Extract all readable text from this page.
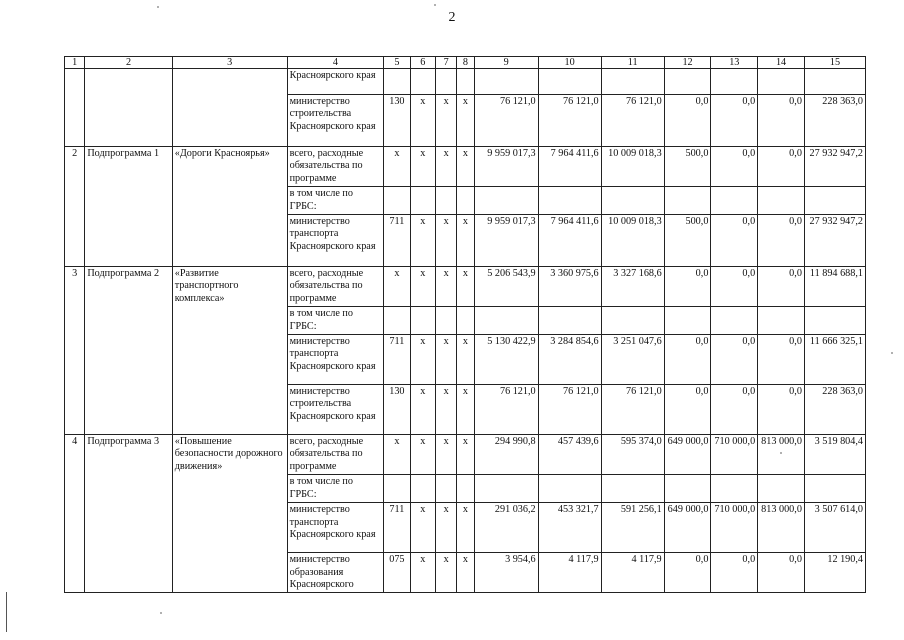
2
1	2	3	4	5	6	7	8	9	10	11	12	13	14	15
			Красноярского края											
			министерство строительства Красноярского края	130	x	x	x	76 121,0	76 121,0	76 121,0	0,0	0,0	0,0	228 363,0
2	Подпрограмма 1	«Дороги Красноярья»	всего, расходные обязательства по программе	x	x	x	x	9 959 017,3	7 964 411,6	10 009 018,3	500,0	0,0	0,0	27 932 947,2
			в том числе по ГРБС:											
			министерство транспорта Красноярского края	711	x	x	x	9 959 017,3	7 964 411,6	10 009 018,3	500,0	0,0	0,0	27 932 947,2
3	Подпрограмма 2	«Развитие транспортного комплекса»	всего, расходные обязательства по программе	x	x	x	x	5 206 543,9	3 360 975,6	3 327 168,6	0,0	0,0	0,0	11 894 688,1
			в том числе по ГРБС:											
			министерство транспорта Красноярского края	711	x	x	x	5 130 422,9	3 284 854,6	3 251 047,6	0,0	0,0	0,0	11 666 325,1
			министерство строительства Красноярского края	130	x	x	x	76 121,0	76 121,0	76 121,0	0,0	0,0	0,0	228 363,0
4	Подпрограмма 3	«Повышение безопасности дорожного движения»	всего, расходные обязательства по программе	x	x	x	x	294 990,8	457 439,6	595 374,0	649 000,0	710 000,0	813 000,0	3 519 804,4
			в том числе по ГРБС:											
			министерство транспорта Красноярского края	711	x	x	x	291 036,2	453 321,7	591 256,1	649 000,0	710 000,0	813 000,0	3 507 614,0
			министерство образования Красноярского	075	x	x	x	3 954,6	4 117,9	4 117,9	0,0	0,0	0,0	12 190,4
